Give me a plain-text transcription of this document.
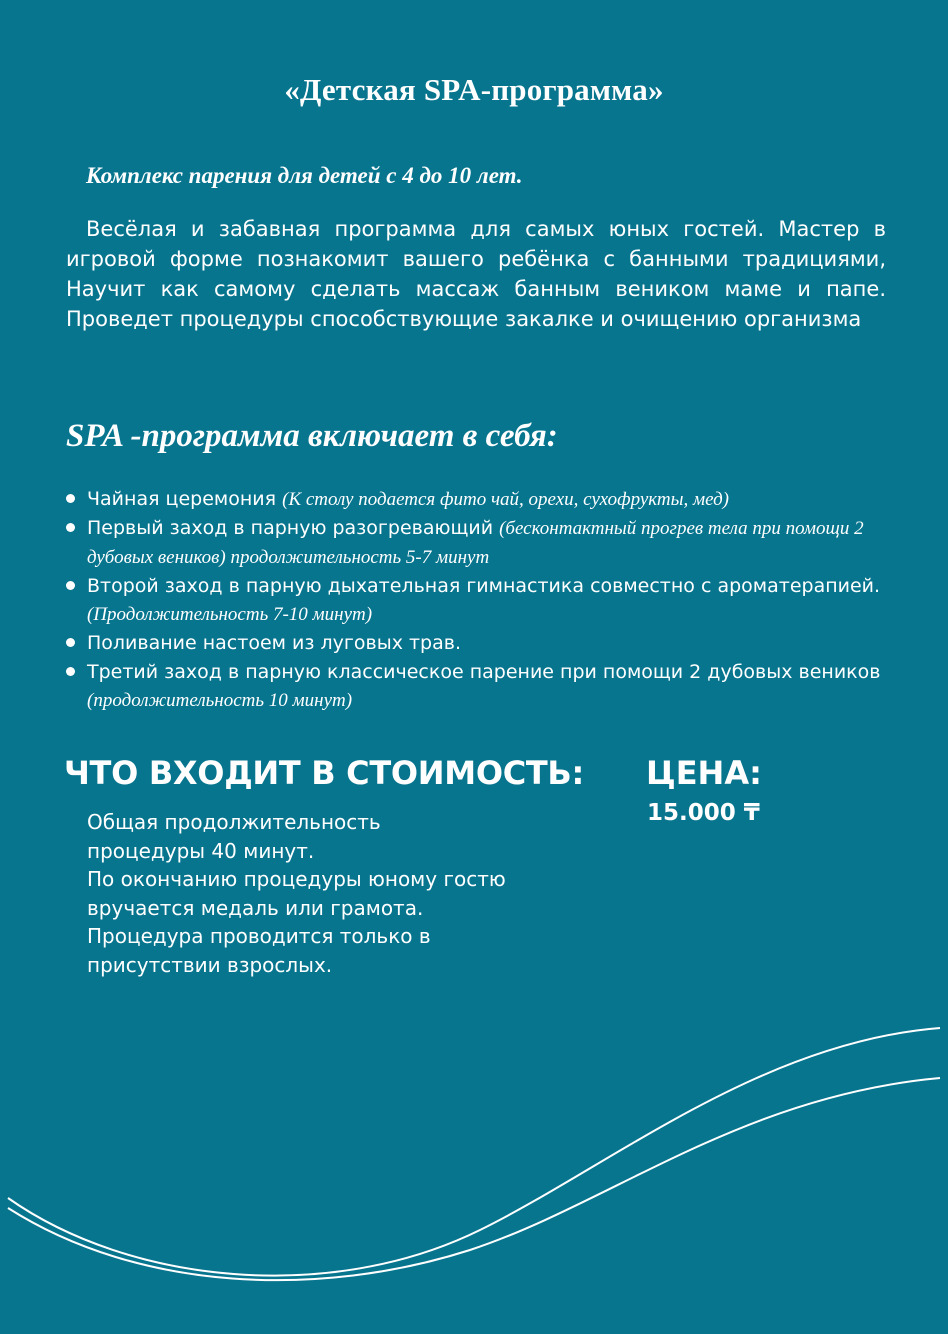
«Детская SPA-программа»
Комплекс парения для детей с 4 до 10 лет.
Весёлая и забавная программа для самых юных гостей. Мастер в игровой форме познакомит вашего ребёнка с банными традициями, Научит как самому сделать массаж банным веником маме и папе. Проведет процедуры способствующие закалке и очищению организма
SPA -программа включает в себя:
Чайная церемония (К столу подается фито чай, орехи, сухофрукты, мед)
Первый заход в парную разогревающий (бесконтактный прогрев тела при помощи 2 дубовых веников) продолжительность 5-7 минут
Второй заход в парную дыхательная гимнастика совместно с ароматерапией. (Продолжительность 7-10 минут)
Поливание настоем из луговых трав.
Третий заход в парную классическое парение при помощи 2 дубовых веников (продолжительность 10 минут)
ЧТО ВХОДИТ В СТОИМОСТЬ:
Общая продолжительность
процедуры 40 минут.
По окончанию процедуры юному гостю
вручается медаль или грамота.
Процедура проводится только в
присутствии взрослых.
ЦЕНА:
15.000 ₸
